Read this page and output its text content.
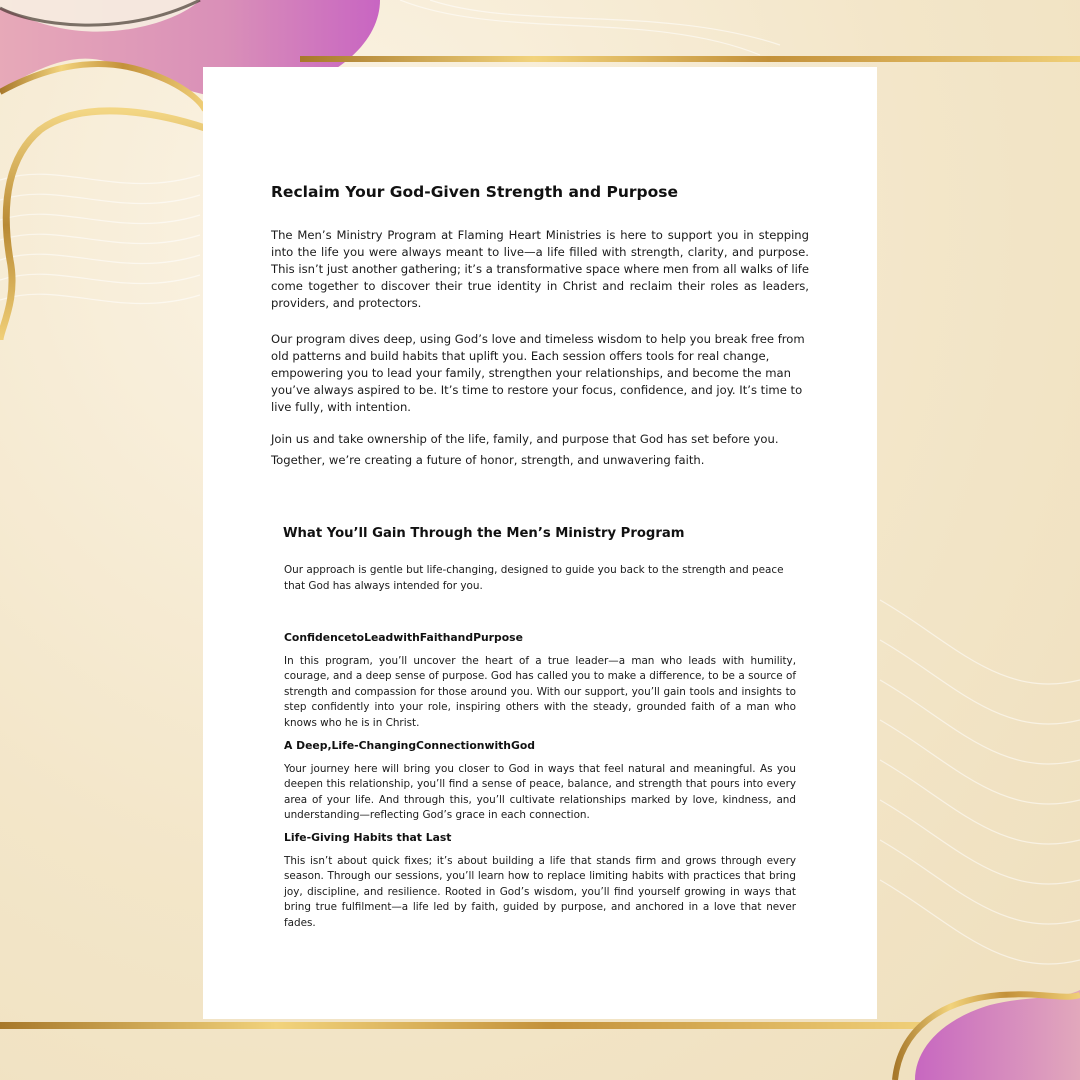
Reclaim Your God-Given Strength and Purpose

The Men’s Ministry Program at Flaming Heart Ministries is here to support you in stepping into the life you were always meant to live—a life filled with strength, clarity, and purpose. This isn’t just another gathering; it’s a transformative space where men from all walks of life come together to discover their true identity in Christ and reclaim their roles as leaders, providers, and protectors.

Our program dives deep, using God’s love and timeless wisdom to help you break free from old patterns and build habits that uplift you. Each session offers tools for real change, empowering you to lead your family, strengthen your relationships, and become the man you’ve always aspired to be. It’s time to restore your focus, confidence, and joy. It’s time to live fully, with intention.

Join us and take ownership of the life, family, and purpose that God has set before you. Together, we’re creating a future of honor, strength, and unwavering faith.

What You’ll Gain Through the Men’s Ministry Program

Our approach is gentle but life-changing, designed to guide you back to the strength and peace that God has always intended for you.

ConfidencetoLeadwithFaithandPurpose

In this program, you’ll uncover the heart of a true leader—a man who leads with humility, courage, and a deep sense of purpose. God has called you to make a difference, to be a source of strength and compassion for those around you. With our support, you’ll gain tools and insights to step confidently into your role, inspiring others with the steady, grounded faith of a man who knows who he is in Christ.

A Deep,Life-ChangingConnectionwithGod

Your journey here will bring you closer to God in ways that feel natural and meaningful. As you deepen this relationship, you’ll find a sense of peace, balance, and strength that pours into every area of your life. And through this, you’ll cultivate relationships marked by love, kindness, and understanding—reflecting God’s grace in each connection.

Life-Giving Habits that Last

This isn’t about quick fixes; it’s about building a life that stands firm and grows through every season. Through our sessions, you’ll learn how to replace limiting habits with practices that bring joy, discipline, and resilience. Rooted in God’s wisdom, you’ll find yourself growing in ways that bring true fulfilment—a life led by faith, guided by purpose, and anchored in a love that never fades.
